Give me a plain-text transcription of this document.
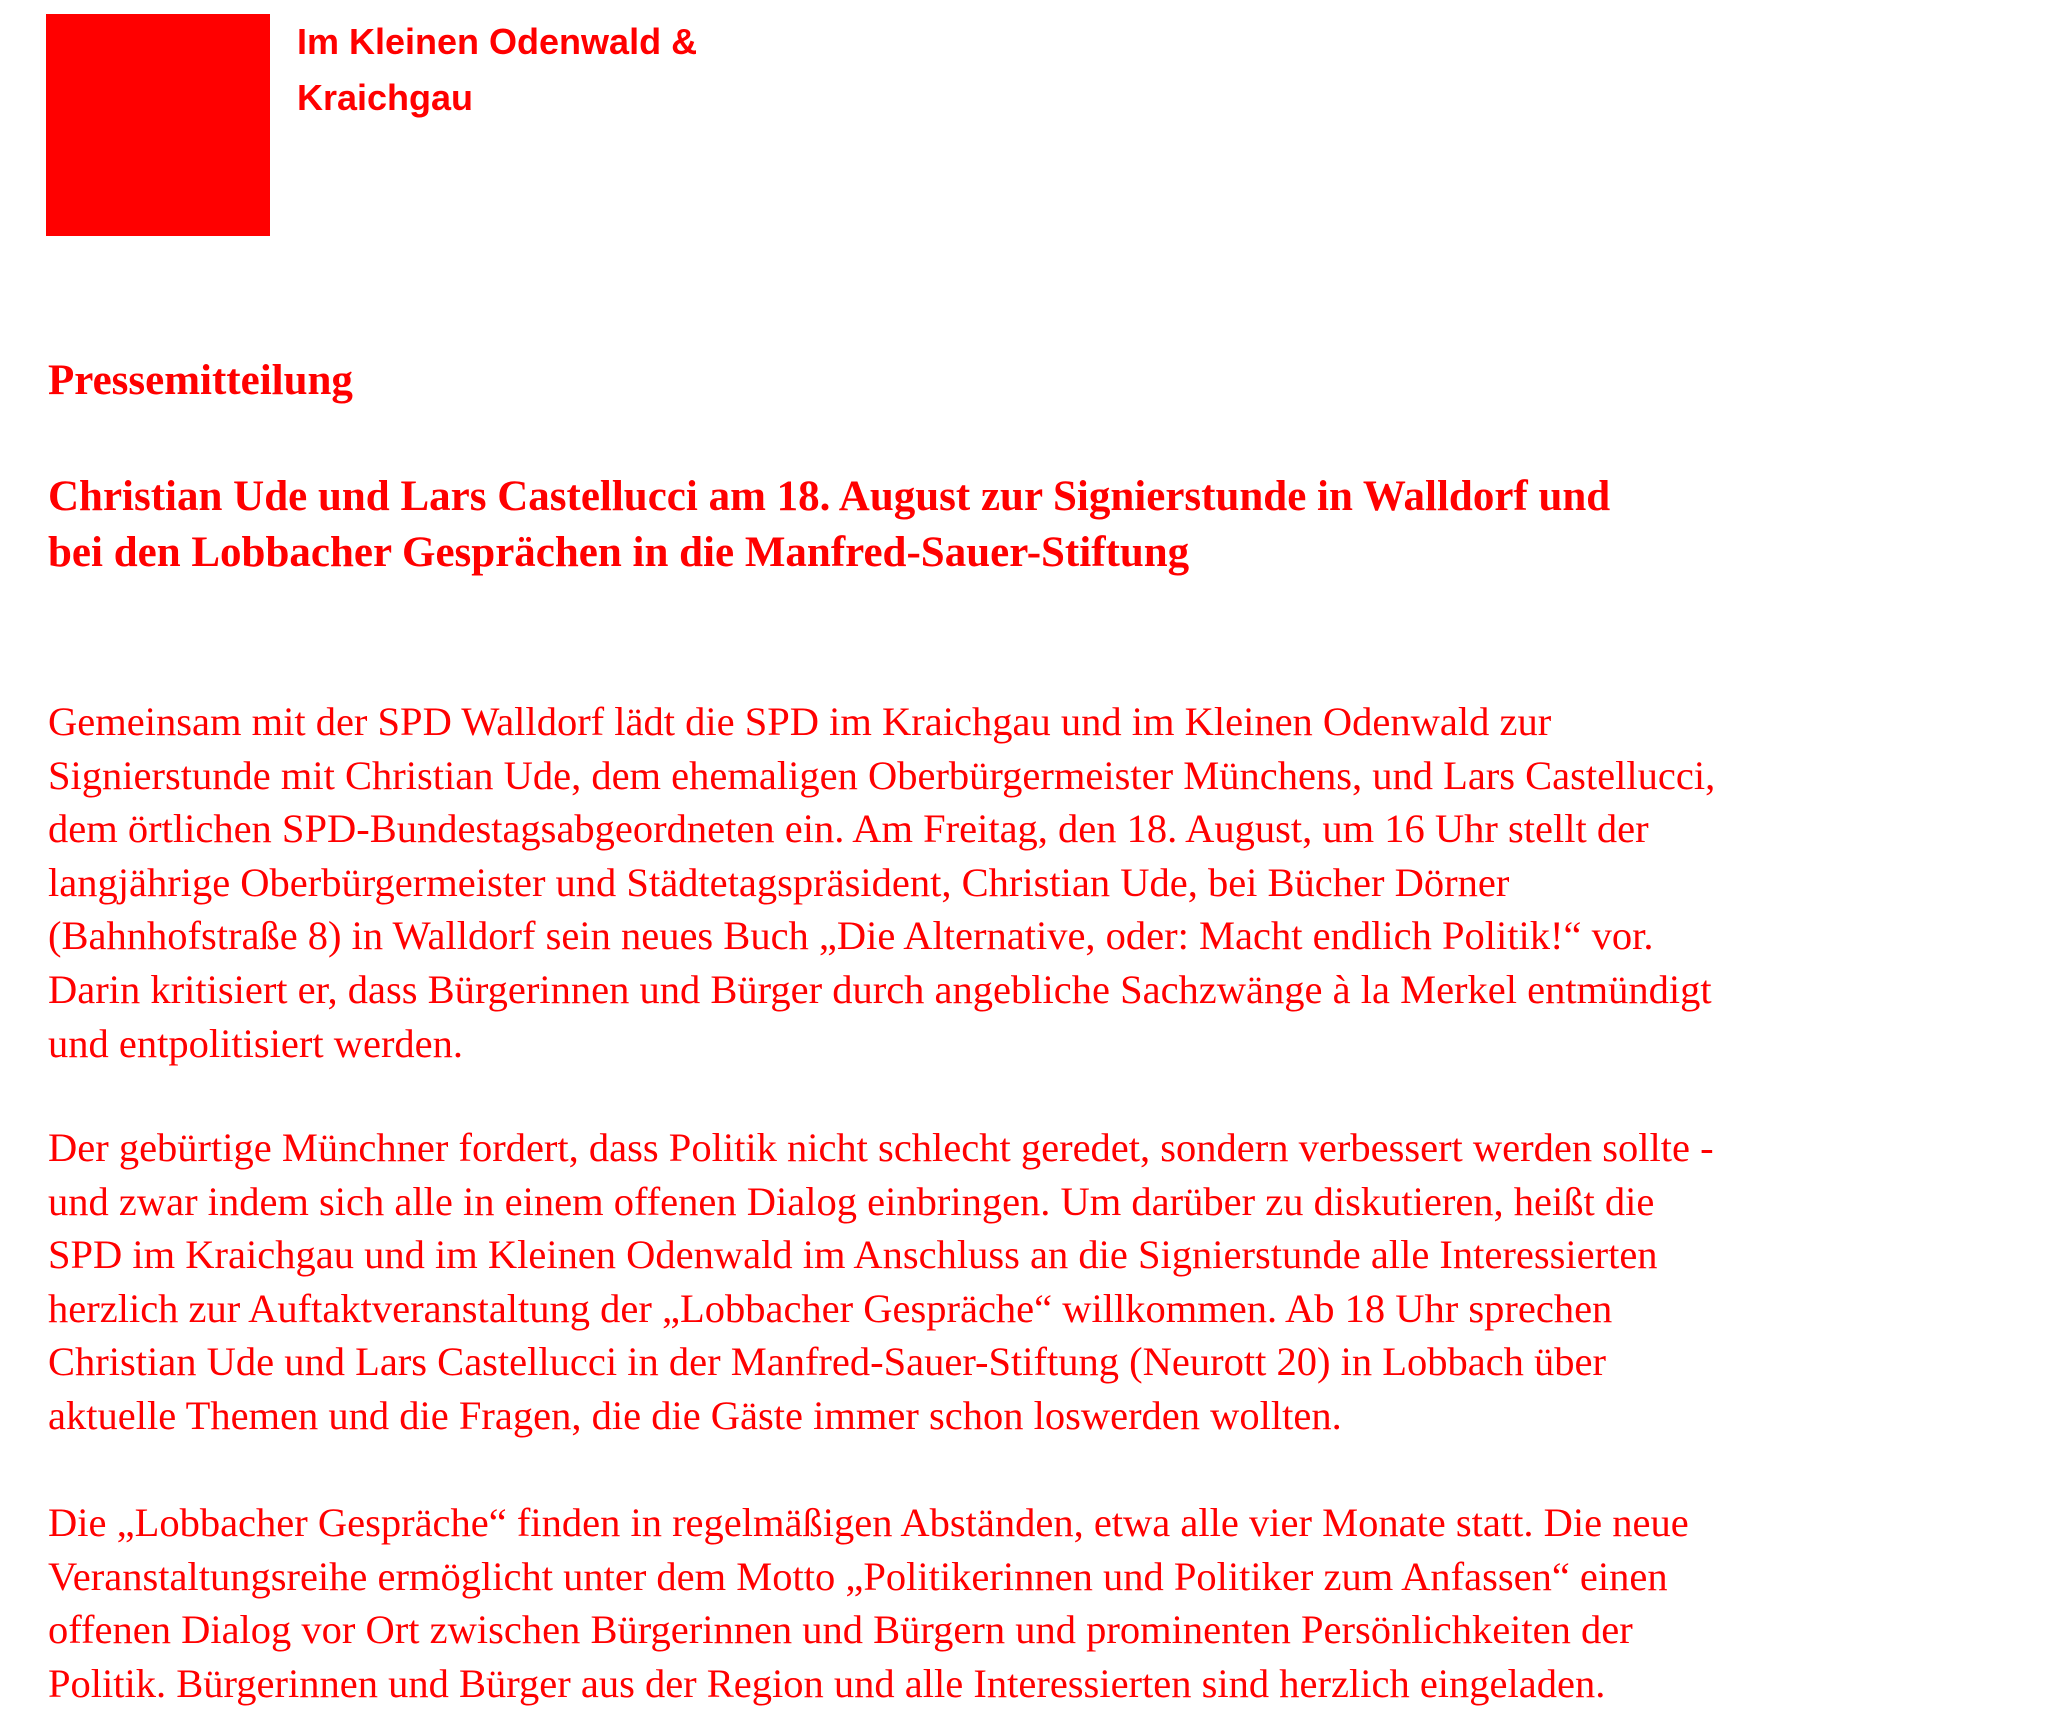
Im Kleinen Odenwald &
Kraichgau
Pressemitteilung
Christian Ude und Lars Castellucci am 18. August zur Signierstunde in Walldorf und
bei den Lobbacher Gesprächen in die Manfred-Sauer-Stiftung

Gemeinsam mit der SPD Walldorf lädt die SPD im Kraichgau und im Kleinen Odenwald zur
Signierstunde mit Christian Ude, dem ehemaligen Oberbürgermeister Münchens, und Lars Castellucci,
dem örtlichen SPD-Bundestagsabgeordneten ein. Am Freitag, den 18. August, um 16 Uhr stellt der
langjährige Oberbürgermeister und Städtetagspräsident, Christian Ude, bei Bücher Dörner
(Bahnhofstraße 8) in Walldorf sein neues Buch „Die Alternative, oder: Macht endlich Politik!“ vor.
Darin kritisiert er, dass Bürgerinnen und Bürger durch angebliche Sachzwänge à la Merkel entmündigt
und entpolitisiert werden.

Der gebürtige Münchner fordert, dass Politik nicht schlecht geredet, sondern verbessert werden sollte -
und zwar indem sich alle in einem offenen Dialog einbringen. Um darüber zu diskutieren, heißt die
SPD im Kraichgau und im Kleinen Odenwald im Anschluss an die Signierstunde alle Interessierten
herzlich zur Auftaktveranstaltung der „Lobbacher Gespräche“ willkommen. Ab 18 Uhr sprechen
Christian Ude und Lars Castellucci in der Manfred-Sauer-Stiftung (Neurott 20) in Lobbach über
aktuelle Themen und die Fragen, die die Gäste immer schon loswerden wollten.

Die „Lobbacher Gespräche“ finden in regelmäßigen Abständen, etwa alle vier Monate statt. Die neue
Veranstaltungsreihe ermöglicht unter dem Motto „Politikerinnen und Politiker zum Anfassen“ einen
offenen Dialog vor Ort zwischen Bürgerinnen und Bürgern und prominenten Persönlichkeiten der
Politik. Bürgerinnen und Bürger aus der Region und alle Interessierten sind herzlich eingeladen.
